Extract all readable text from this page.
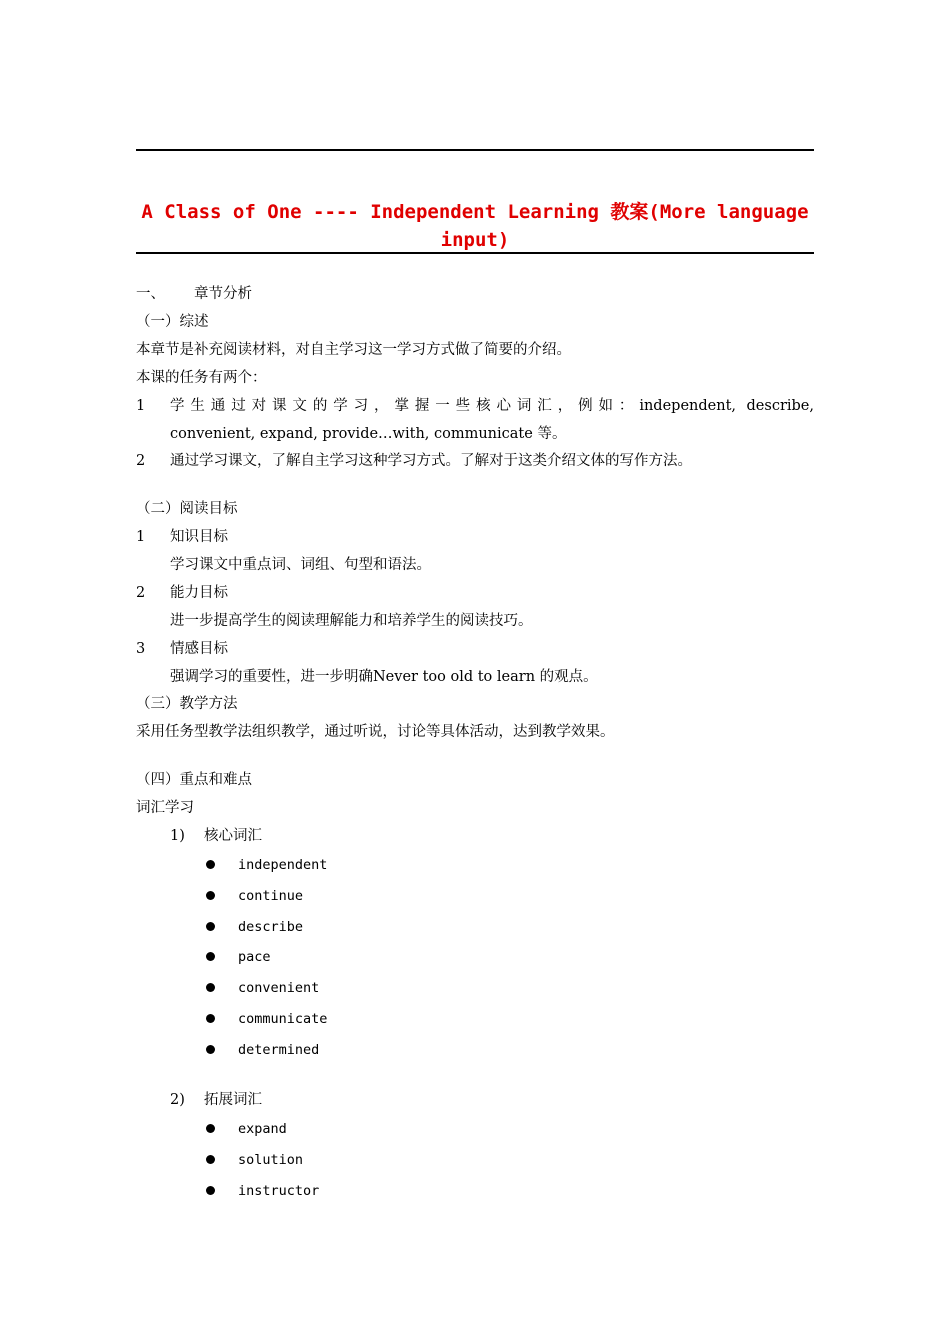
A Class of One ---- Independent Learning 教案(More language input)
一、 章节分析
（一）综述
本章节是补充阅读材料，对自主学习这一学习方式做了简要的介绍。
本课的任务有两个：
1 学生通过对课文的学习，掌握一些核心词汇，例如：independent, describe,
convenient, expand, provide…with, communicate 等。
2 通过学习课文，了解自主学习这种学习方式。了解对于这类介绍文体的写作方法。
（二）阅读目标
1 知识目标
学习课文中重点词、词组、句型和语法。
2 能力目标
进一步提高学生的阅读理解能力和培养学生的阅读技巧。
3 情感目标
强调学习的重要性，进一步明确Never too old to learn 的观点。
（三）教学方法
采用任务型教学法组织教学，通过听说，讨论等具体活动，达到教学效果。
（四）重点和难点
词汇学习
1) 核心词汇
independent
continue
describe
pace
convenient
communicate
determined
2) 拓展词汇
expand
solution
instructor
